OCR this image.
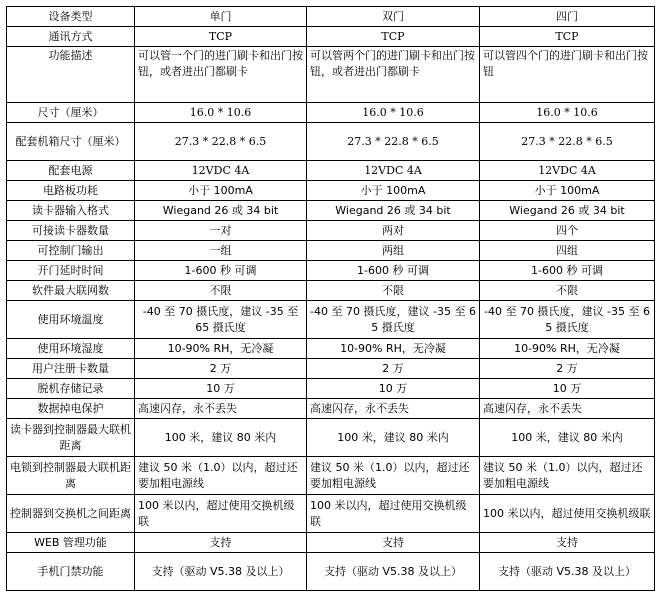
设备类型	单门	双门	四门
通讯方式	TCP	TCP	TCP
功能描述	可以管一个门的进门刷卡和出门按钮，或者进出门都刷卡	可以管两个门的进门刷卡和出门按钮，或者进出门都刷卡	可以管四个门的进门刷卡和出门按钮
尺寸（厘米）	16.0 * 10.6	16.0 * 10.6	16.0 * 10.6
配套机箱尺寸（厘米）	27.3 * 22.8 * 6.5	27.3 * 22.8 * 6.5	27.3 * 22.8 * 6.5
配套电源	12VDC 4A	12VDC 4A	12VDC 4A
电路板功耗	小于 100mA	小于 100mA	小于 100mA
读卡器输入格式	Wiegand 26 或 34 bit	Wiegand 26 或 34 bit	Wiegand 26 或 34 bit
可接读卡器数量	一对	两对	四个
可控制门输出	一组	两组	四组
开门延时时间	1-600 秒 可调	1-600 秒 可调	1-600 秒 可调
软件最大联网数	不限	不限	不限
使用环境温度	-40 至 70 摄氏度，建议 -35 至 65 摄氏度	-40 至 70 摄氏度，建议 -35 至 65 摄氏度	-40 至 70 摄氏度，建议 -35 至 65 摄氏度
使用环境湿度	10-90% RH，无冷凝	10-90% RH，无冷凝	10-90% RH，无冷凝
用户注册卡数量	2 万	2 万	2 万
脱机存储记录	10 万	10 万	10 万
数据掉电保护	高速闪存，永不丢失	高速闪存，永不丢失	高速闪存，永不丢失
读卡器到控制器最大联机距离	100 米，建议 80 米内	100 米，建议 80 米内	100 米，建议 80 米内
电锁到控制器最大联机距离	建议 50 米（1.0）以内，超过还要加粗电源线	建议 50 米（1.0）以内，超过还要加粗电源线	建议 50 米（1.0）以内，超过还要加粗电源线
控制器到交换机之间距离	100 米以内，超过使用交换机级联	100 米以内，超过使用交换机级联	100 米以内，超过使用交换机级联
WEB 管理功能	支持	支持	支持
手机门禁功能	支持（驱动 V5.38 及以上）	支持（驱动 V5.38 及以上）	支持（驱动 V5.38 及以上）
